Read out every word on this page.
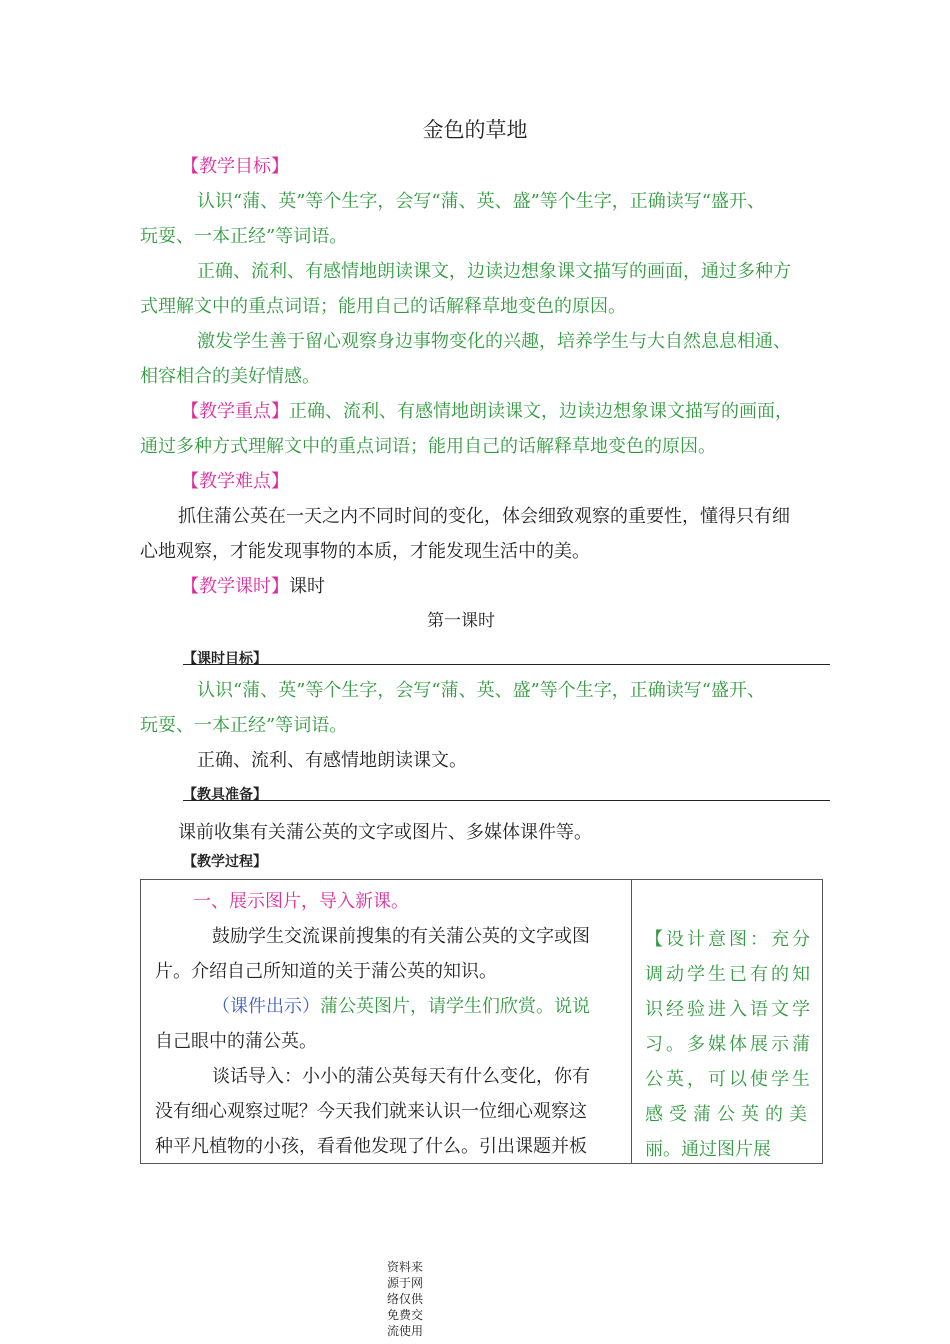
金色的草地
【教学目标】
认识“蒲、英”等个生字，会写“蒲、英、盛”等个生字，正确读写“盛开、
玩耍、一本正经”等词语。
正确、流利、有感情地朗读课文，边读边想象课文描写的画面，通过多种方
式理解文中的重点词语；能用自己的话解释草地变色的原因。
激发学生善于留心观察身边事物变化的兴趣，培养学生与大自然息息相通、
相容相合的美好情感。
【教学重点】正确、流利、有感情地朗读课文，边读边想象课文描写的画面，
通过多种方式理解文中的重点词语；能用自己的话解释草地变色的原因。
【教学难点】
抓住蒲公英在一天之内不同时间的变化，体会细致观察的重要性，懂得只有细
心地观察，才能发现事物的本质，才能发现生活中的美。
【教学课时】课时
第一课时
【课时目标】
认识“蒲、英”等个生字，会写“蒲、英、盛”等个生字，正确读写“盛开、
玩耍、一本正经”等词语。
正确、流利、有感情地朗读课文。
【教具准备】
课前收集有关蒲公英的文字或图片、多媒体课件等。
【教学过程】
一、展示图片，导入新课。
鼓励学生交流课前搜集的有关蒲公英的文字或图
片。介绍自己所知道的关于蒲公英的知识。
（课件出示）蒲公英图片，请学生们欣赏。说说
自己眼中的蒲公英。
谈话导入：小小的蒲公英每天有什么变化，你有
没有细心观察过呢？今天我们就来认识一位细心观察这
种平凡植物的小孩，看看他发现了什么。引出课题并板
【设计意图：充分
调动学生已有的知
识经验进入语文学
习。多媒体展示蒲
公英，可以使学生
感受蒲公英的美
丽。通过图片展
资料来
源于网
络仅供
免费交
流使用
